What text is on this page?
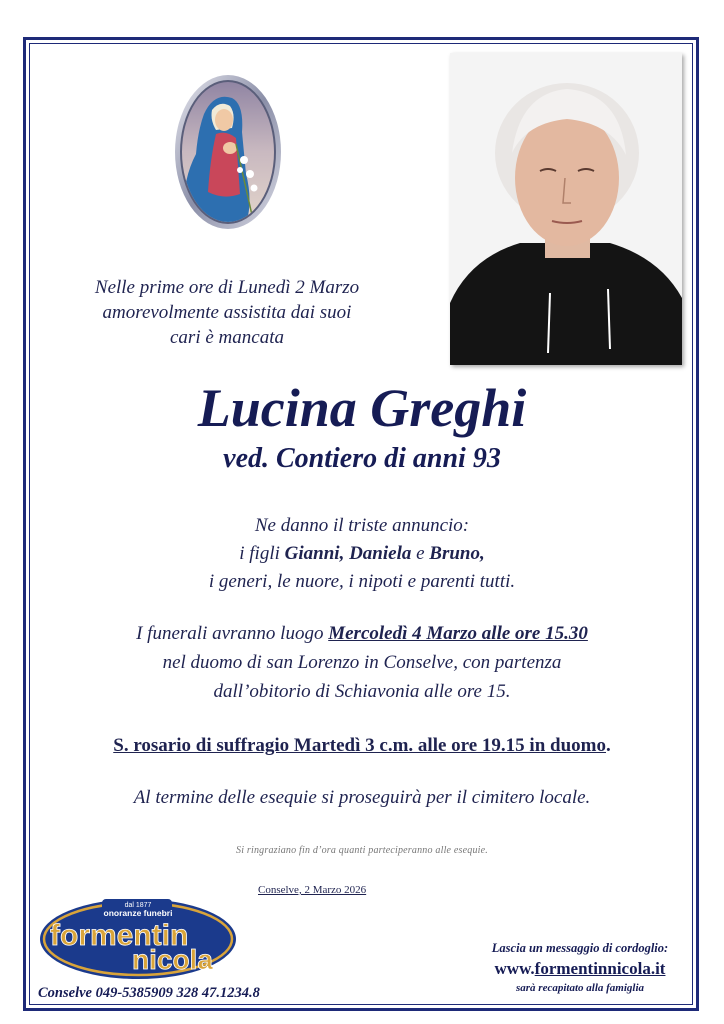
Nelle prime ore di Lunedì 2 Marzo
amorevolmente assistita dai suoi
cari è mancata
Lucina Greghi
ved. Contiero di anni 93
Ne danno il triste annuncio:
i figli Gianni, Daniela e Bruno,
i generi, le nuore, i nipoti e parenti tutti.
I funerali avranno luogo Mercoledì 4 Marzo alle ore 15.30
nel duomo di san Lorenzo in Conselve, con partenza
dall’obitorio di Schiavonia alle ore 15.
S. rosario di suffragio Martedì 3 c.m. alle ore 19.15 in duomo.
Al termine delle esequie si proseguirà per il cimitero locale.
Si ringraziano fin d’ora quanti parteciperanno alle esequie.
Conselve, 2 Marzo 2026
dal 1877
onoranze funebri
formentin
nicola
di Paolo
Conselve 049-5385909 328 47.1234.8
Lascia un messaggio di cordoglio:
www.formentinnicola.it
sarà recapitato alla famiglia
